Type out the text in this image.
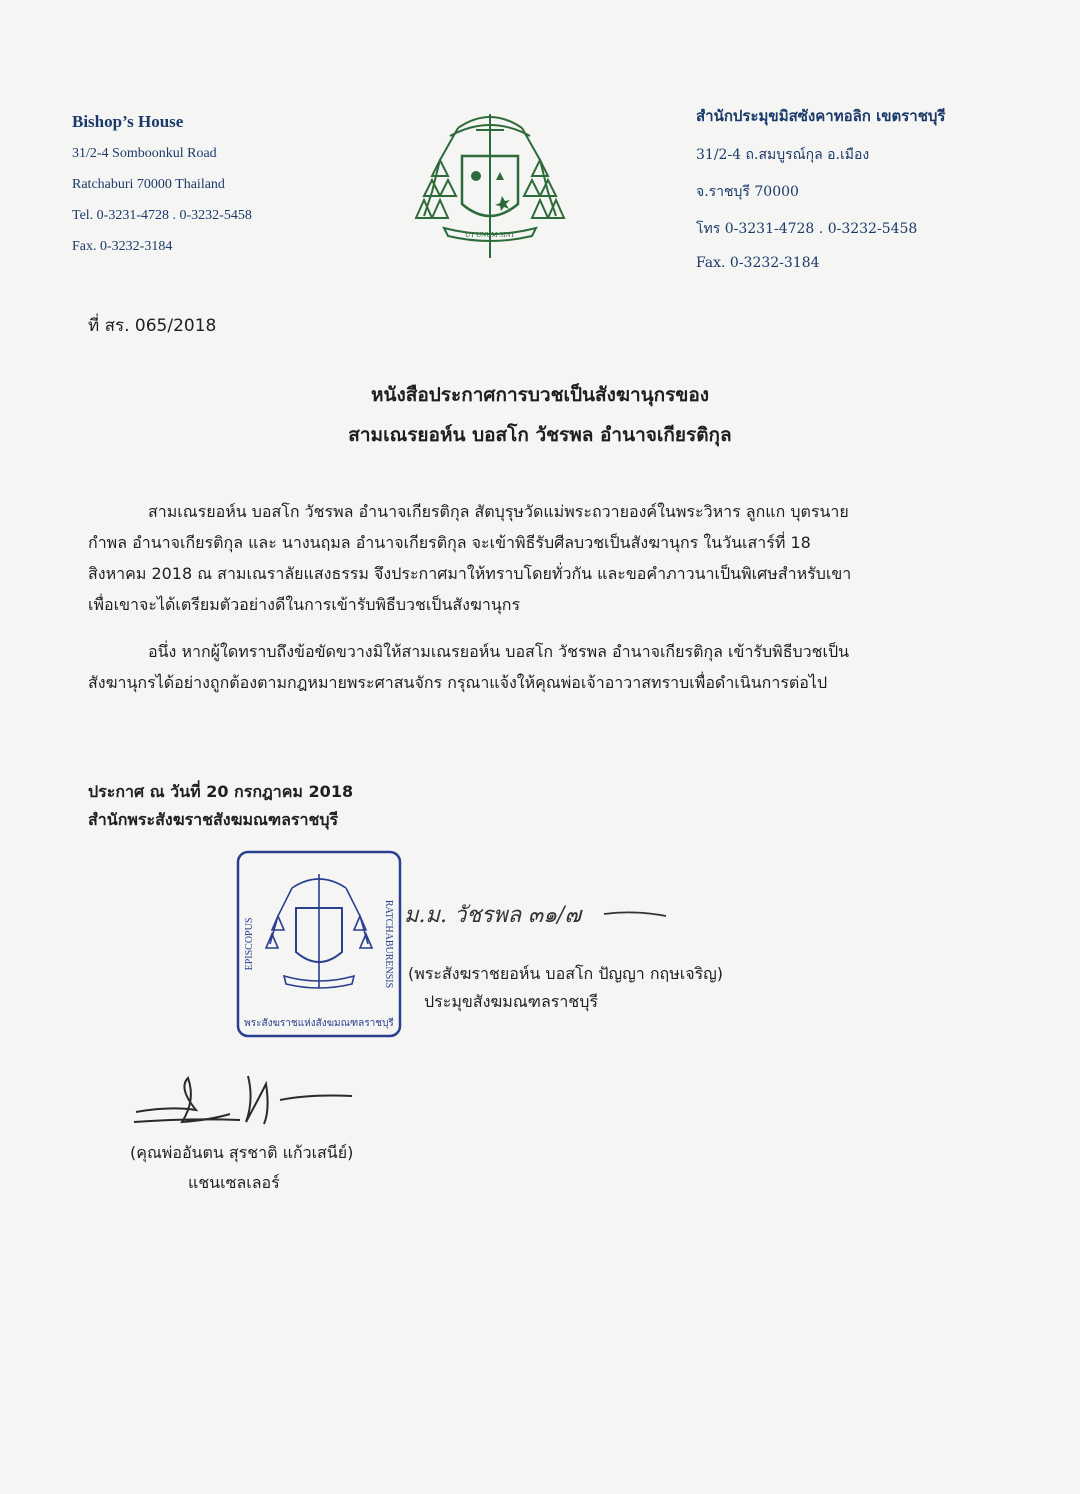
Bishop’s House
31/2-4 Somboonkul Road
Ratchaburi 70000 Thailand
Tel. 0-3231-4728 . 0-3232-5458
Fax. 0-3232-3184
UT UNUM SINT
สำนักประมุขมิสซังคาทอลิก เขตราชบุรี
31/2-4 ถ.สมบูรณ์กุล อ.เมือง
จ.ราชบุรี 70000
โทร 0-3231-4728 . 0-3232-5458
Fax. 0-3232-3184
ที่ สร. 065/2018
หนังสือประกาศการบวชเป็นสังฆานุกรของ
สามเณรยอห์น บอสโก วัชรพล อำนาจเกียรติกุล
สามเณรยอห์น บอสโก วัชรพล อำนาจเกียรติกุล สัตบุรุษวัดแม่พระถวายองค์ในพระวิหาร ลูกแก บุตรนาย
กำพล อำนาจเกียรติกุล และ นางนฤมล อำนาจเกียรติกุล จะเข้าพิธีรับศีลบวชเป็นสังฆานุกร ในวันเสาร์ที่ 18
สิงหาคม 2018 ณ สามเณราลัยแสงธรรม จึงประกาศมาให้ทราบโดยทั่วกัน และขอคำภาวนาเป็นพิเศษสำหรับเขา
เพื่อเขาจะได้เตรียมตัวอย่างดีในการเข้ารับพิธีบวชเป็นสังฆานุกร
อนึ่ง หากผู้ใดทราบถึงข้อขัดขวางมิให้สามเณรยอห์น บอสโก วัชรพล อำนาจเกียรติกุล เข้ารับพิธีบวชเป็น
สังฆานุกรได้อย่างถูกต้องตามกฎหมายพระศาสนจักร กรุณาแจ้งให้คุณพ่อเจ้าอาวาสทราบเพื่อดำเนินการต่อไป
ประกาศ ณ วันที่ 20 กรกฎาคม 2018
สำนักพระสังฆราชสังฆมณฑลราชบุรี
EPISCOPUS	RATCHABURENSIS
พระสังฆราชแห่งสังฆมณฑลราชบุรี
ม.ม. วัชรพล ๓๑/๗
(พระสังฆราชยอห์น บอสโก ปัญญา กฤษเจริญ)
ประมุขสังฆมณฑลราชบุรี
(คุณพ่ออันตน สุรชาติ แก้วเสนีย์)
แชนเซลเลอร์
